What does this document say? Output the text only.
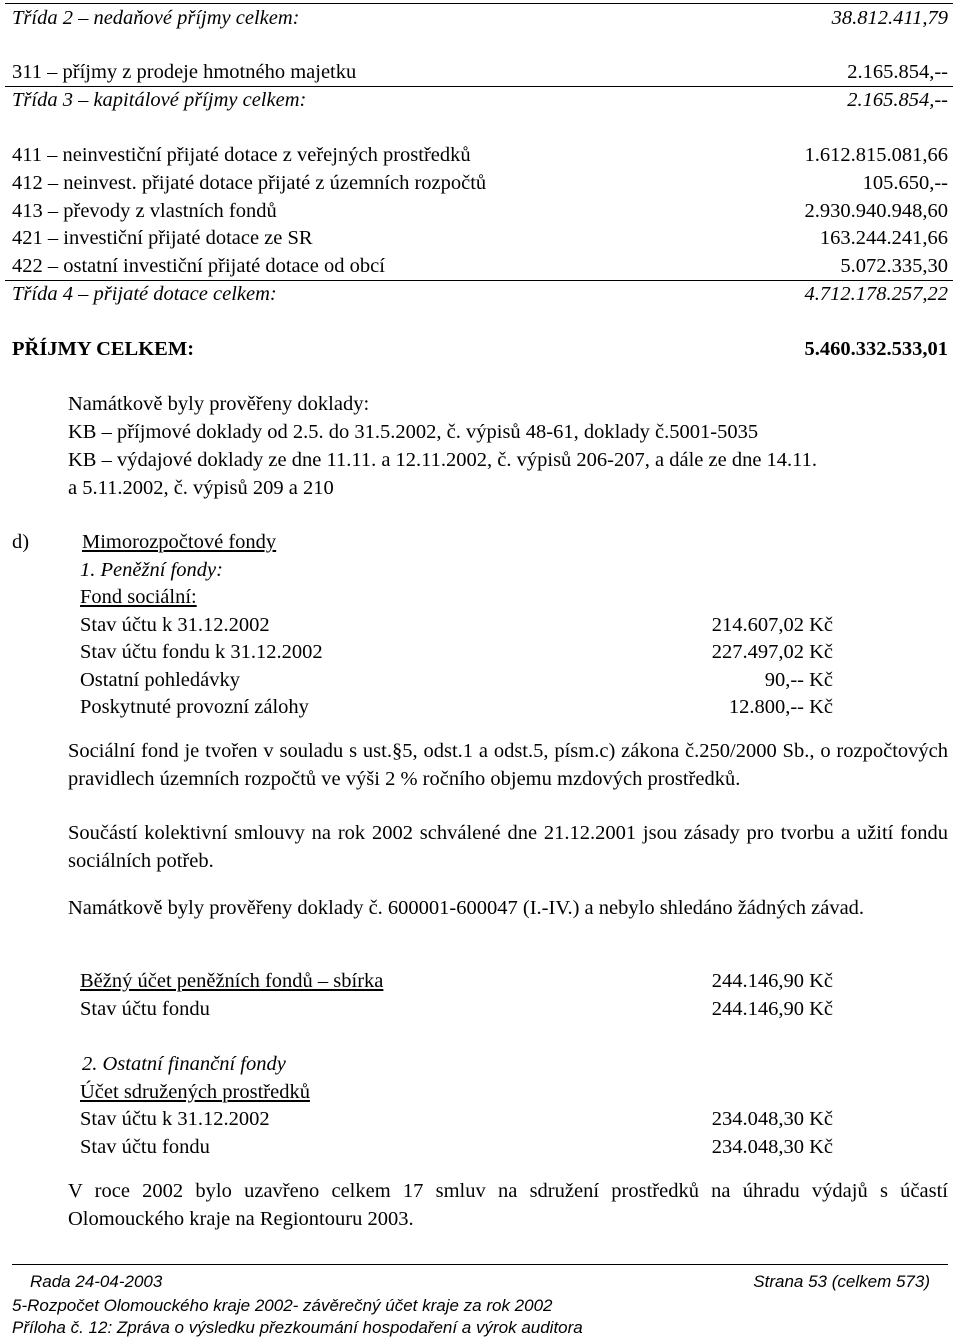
Třída 2 – nedaňové příjmy celkem:	38.812.411,79
311 – příjmy z prodeje hmotného majetku	2.165.854,--
Třída 3 – kapitálové příjmy celkem:	2.165.854,--
411 – neinvestiční přijaté dotace z veřejných prostředků	1.612.815.081,66
412 – neinvest. přijaté dotace přijaté z územních rozpočtů	105.650,--
413 – převody z vlastních fondů	2.930.940.948,60
421 – investiční přijaté dotace ze SR	163.244.241,66
422 – ostatní investiční přijaté dotace od obcí	5.072.335,30
Třída 4 – přijaté dotace celkem:	4.712.178.257,22
PŘÍJMY CELKEM:	5.460.332.533,01
Namátkově byly prověřeny doklady:
KB – příjmové doklady od 2.5. do 31.5.2002, č. výpisů 48-61, doklady č.5001-5035
KB – výdajové doklady ze dne 11.11. a 12.11.2002, č. výpisů 206-207, a dále ze dne 14.11.
a 5.11.2002, č. výpisů 209 a 210
d)	Mimorozpočtové fondy
1. Peněžní fondy:
Fond sociální:
Stav účtu k 31.12.2002	214.607,02 Kč
Stav účtu fondu k 31.12.2002	227.497,02 Kč
Ostatní pohledávky	90,-- Kč
Poskytnuté provozní zálohy	12.800,-- Kč
Sociální fond je tvořen v souladu s ust.§5, odst.1 a odst.5, písm.c) zákona č.250/2000 Sb., o rozpočtových pravidlech územních rozpočtů ve výši 2 % ročního objemu mzdových prostředků.
Součástí kolektivní smlouvy na rok 2002 schválené dne 21.12.2001 jsou zásady pro tvorbu a užití fondu sociálních potřeb.
Namátkově byly prověřeny doklady č. 600001-600047 (I.-IV.) a nebylo shledáno žádných závad.
Běžný účet peněžních fondů – sbírka	244.146,90 Kč
Stav účtu fondu	244.146,90 Kč
2. Ostatní finanční fondy
Účet sdružených prostředků
Stav účtu k 31.12.2002	234.048,30 Kč
Stav účtu fondu	234.048,30 Kč
V roce 2002 bylo uzavřeno celkem 17 smluv na sdružení prostředků na úhradu výdajů s účastí Olomouckého kraje na Regiontouru 2003.
Rada 24-04-2003	Strana 53 (celkem 573)
5-Rozpočet Olomouckého kraje 2002- závěrečný účet kraje za rok 2002
Příloha č. 12: Zpráva o výsledku přezkoumání hospodaření a výrok auditora
